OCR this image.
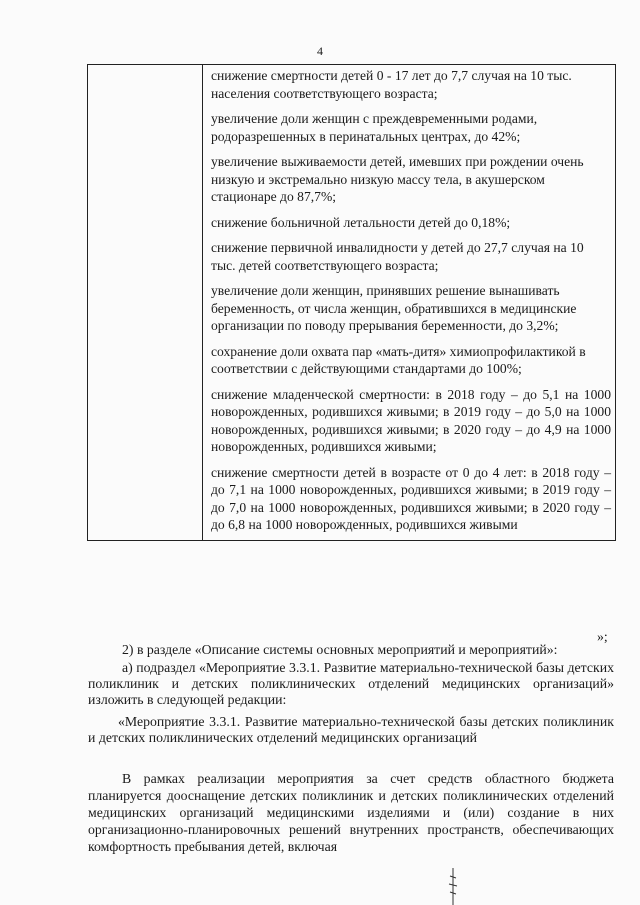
4

снижение смертности детей 0 - 17 лет до 7,7 случая на 10 тыс. населения соответствующего возраста;
увеличение доли женщин с преждевременными родами, родоразрешенных в перинатальных центрах, до 42%;
увеличение выживаемости детей, имевших при рождении очень низкую и экстремально низкую массу тела, в акушерском стационаре до 87,7%;
снижение больничной летальности детей до 0,18%;
снижение первичной инвалидности у детей до 27,7 случая на 10 тыс. детей соответствующего возраста;
увеличение доли женщин, принявших решение вынашивать беременность, от числа женщин, обратившихся в медицинские организации по поводу прерывания беременности, до 3,2%;
сохранение доли охвата пар «мать-дитя» химиопрофилактикой в соответствии с действующими стандартами до 100%;
снижение младенческой смертности: в 2018 году – до 5,1 на 1000 новорожденных, родившихся живыми; в 2019 году – до 5,0 на 1000 новорожденных, родившихся живыми; в 2020 году – до 4,9 на 1000 новорожденных, родившихся живыми;
снижение смертности детей в возрасте от 0 до 4 лет: в 2018 году – до 7,1 на 1000 новорожденных, родившихся живыми; в 2019 году – до 7,0 на 1000 новорожденных, родившихся живыми; в 2020 году – до 6,8 на 1000 новорожденных, родившихся живыми
»;

2) в разделе «Описание системы основных мероприятий и мероприятий»:

а) подраздел «Мероприятие 3.3.1. Развитие материально-технической базы детских поликлиник и детских поликлинических отделений медицинских организаций» изложить в следующей редакции:

«Мероприятие 3.3.1. Развитие материально-технической базы детских поликлиник и детских поликлинических отделений медицинских организаций

В рамках реализации мероприятия за счет средств областного бюджета планируется дооснащение детских поликлиник и детских поликлинических отделений медицинских организаций медицинскими изделиями и (или) создание в них организационно-планировочных решений внутренних пространств, обеспечивающих комфортность пребывания детей, включая
